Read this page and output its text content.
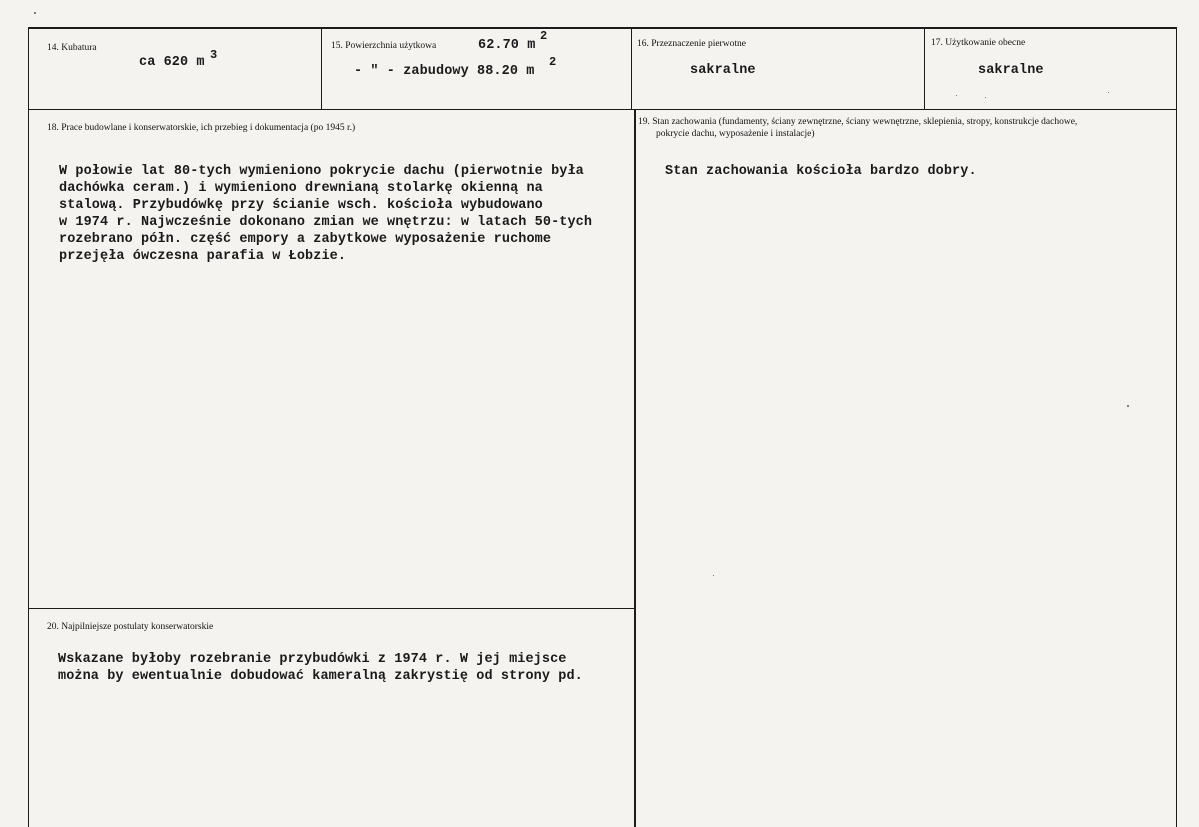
14. Kubatura
ca 620 m 3
15. Powierzchnia użytkowa	62.70 m
2
- " - zabudowy 88.20 m
2
16. Przeznaczenie pierwotne
sakralne
17. Użytkowanie obecne
sakralne
18. Prace budowlane i konserwatorskie, ich przebieg i dokumentacja (po 1945 r.)
W połowie lat 80-tych wymieniono pokrycie dachu (pierwotnie była
dachówka ceram.) i wymieniono drewnianą stolarkę okienną na
stalową. Przybudówkę przy ścianie wsch. kościoła wybudowano
w 1974 r. Najwcześnie dokonano zmian we wnętrzu: w latach 50-tych
rozebrano półn. część empory a zabytkowe wyposażenie ruchome
przejęła ówczesna parafia w Łobzie.
19. Stan zachowania (fundamenty, ściany zewnętrzne, ściany wewnętrzne, sklepienia, stropy, konstrukcje dachowe,
pokrycie dachu, wyposażenie i instalacje)
Stan zachowania kościoła bardzo dobry.
20. Najpilniejsze postulaty konserwatorskie
Wskazane byłoby rozebranie przybudówki z 1974 r. W jej miejsce
można by ewentualnie dobudować kameralną zakrystię od strony pd.
